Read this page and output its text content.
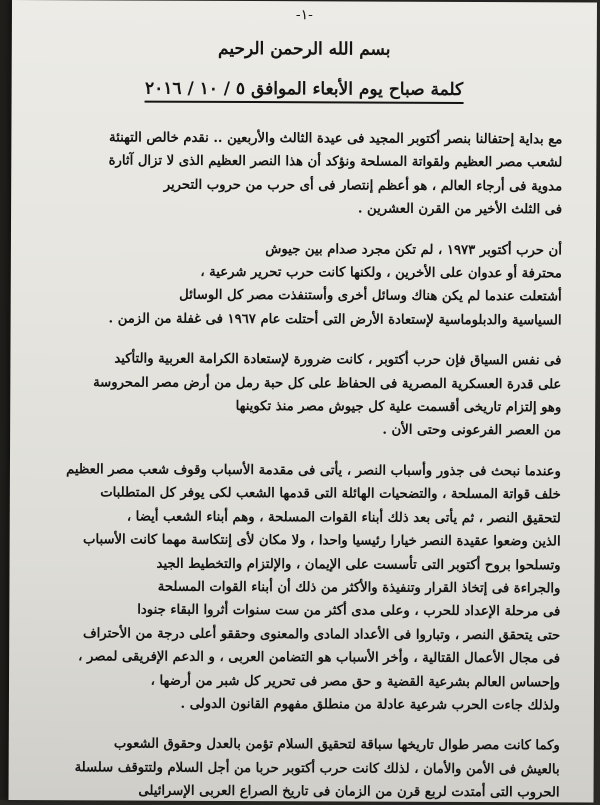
-١-
بسم الله الرحمن الرحيم
كلمة صباح يوم الأبعاء الموافق ٥ / ١٠ / ٢٠١٦
مع بداية إحتفالنا بنصر أكتوبر المجيد فى عيدة الثالث والأربعين .. نقدم خالص التهنئة
لشعب مصر العظيم ولقواتة المسلحة ونؤكد أن هذا النصر العظيم الذى لا تزال آثارة
مدوية فى أرجاء العالم ، هو أعظم إنتصار فى أى حرب من حروب التحرير
فى الثلث الأخير من القرن العشرين .
أن حرب أكتوبر ١٩٧٣ ، لم تكن مجرد صدام بين جيوش
محترفة أو عدوان على الأخرين ، ولكنها كانت حرب تحرير شرعية ،
أشتعلت عندما لم يكن هناك وسائل أخرى وأستنفذت مصر كل الوسائل
السياسية والدبلوماسية لإستعادة الأرض التى أحتلت عام ١٩٦٧ فى غفلة من الزمن .
فى نفس السياق فإن حرب أكتوبر ، كانت ضرورة لإستعادة الكرامة العربية والتأكيد
على قدرة العسكرية المصرية فى الحفاظ على كل حبة رمل من أرض مصر المحروسة
وهو إلتزام تاريخى أقسمت علية كل جيوش مصر منذ تكوينها
من العصر الفرعونى وحتى الأن .
وعندما نبحث فى جذور وأسباب النصر ، يأتى فى مقدمة الأسباب وقوف شعب مصر العظيم
خلف قواتة المسلحة ، والتضحيات الهائلة التى قدمها الشعب لكى يوفر كل المتطلبات
لتحقيق النصر ، ثم يأتى بعد ذلك أبناء القوات المسلحة ، وهم أبناء الشعب أيضا ،
الذين وضعوا عقيدة النصر خيارا رئيسيا واحدا ، ولا مكان لأى إنتكاسة مهما كانت الأسباب
وتسلحوا بروح أكتوبر التى تأسست على الإيمان ، والإلتزام والتخطيط الجيد
والجراءة فى إتخاذ القرار وتنفيذة والأكثر من ذلك أن أبناء القوات المسلحة
فى مرحلة الإعداد للحرب ، وعلى مدى أكثر من ست سنوات أثروا البقاء جنودا
حتى يتحقق النصر ، وتباروا فى الأعداد المادى والمعنوى وحققو أعلى درجة من الأحتراف
فى مجال الأعمال القتالية ، وأخر الأسباب هو التضامن العربى ، و الدعم الإفريقى لمصر ،
وإحساس العالم بشرعية القضية و حق مصر فى تحرير كل شبر من أرضها ،
ولذلك جاءت الحرب شرعية عادلة من منطلق مفهوم القانون الدولى .
وكما كانت مصر طوال تاريخها سباقة لتحقيق السلام تؤمن بالعدل وحقوق الشعوب
بالعيش فى الأمن والأمان ، لذلك كانت حرب أكتوبر حربا من أجل السلام ولتتوقف سلسلة
الحروب التى أمتدت لربع قرن من الزمان فى تاريخ الصراع العربى الإسرائيلى
